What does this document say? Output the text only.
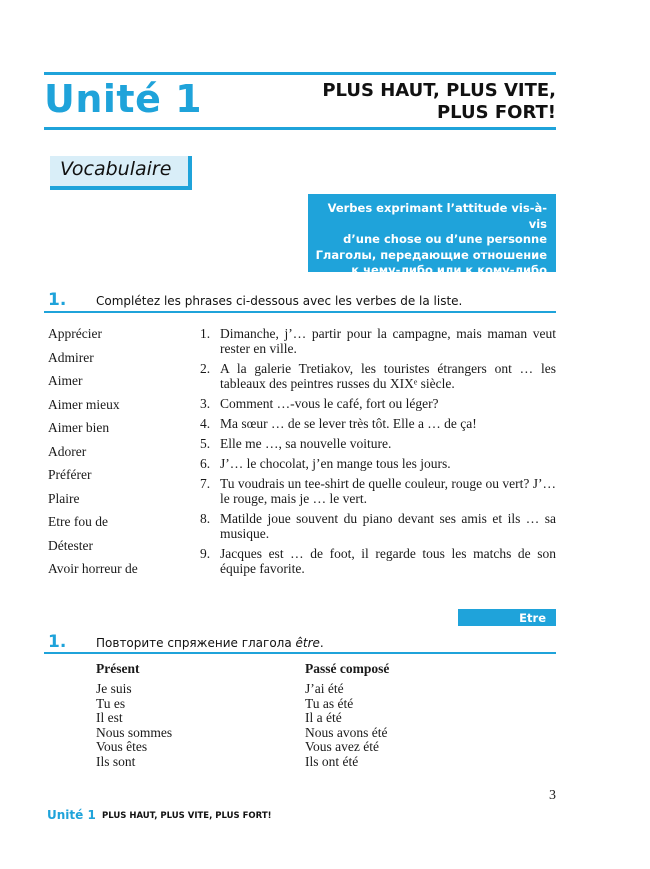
Unité 1	PLUS HAUT, PLUS VITE,
PLUS FORT!
Vocabulaire
Verbes exprimant l’attitude vis-à-vis
d’une chose ou d’une personne
Глаголы, передающие отношение
к чему-либо или к кому-либо
1. Complétez les phrases ci-dessous avec les verbes de la liste.
Apprécier
Admirer
Aimer
Aimer mieux
Aimer bien
Adorer
Préférer
Plaire
Etre fou de
Détester
Avoir horreur de
1. Dimanche, j’… partir pour la campagne, mais maman veut rester en ville.
2. A la galerie Tretiakov, les touristes étrangers ont … les tableaux des peintres russes du XIXᵉ siècle.
3. Comment …-vous le café, fort ou léger?
4. Ma sœur … de se lever très tôt. Elle a … de ça!
5. Elle me …, sa nouvelle voiture.
6. J’… le chocolat, j’en mange tous les jours.
7. Tu voudrais un tee-shirt de quelle couleur, rouge ou vert? J’… le rouge, mais je … le vert.
8. Matilde joue souvent du piano devant ses amis et ils … sa musique.
9. Jacques est … de foot, il regarde tous les matchs de son équipe favorite.
Etre
1. Повторите спряжение глагола être.
Présent	Passé composé
Je suis
Tu es
Il est
Nous sommes
Vous êtes
Ils sont
J’ai été
Tu as été
Il a été
Nous avons été
Vous avez été
Ils ont été
3
Unité 1 PLUS HAUT, PLUS VITE, PLUS FORT!
